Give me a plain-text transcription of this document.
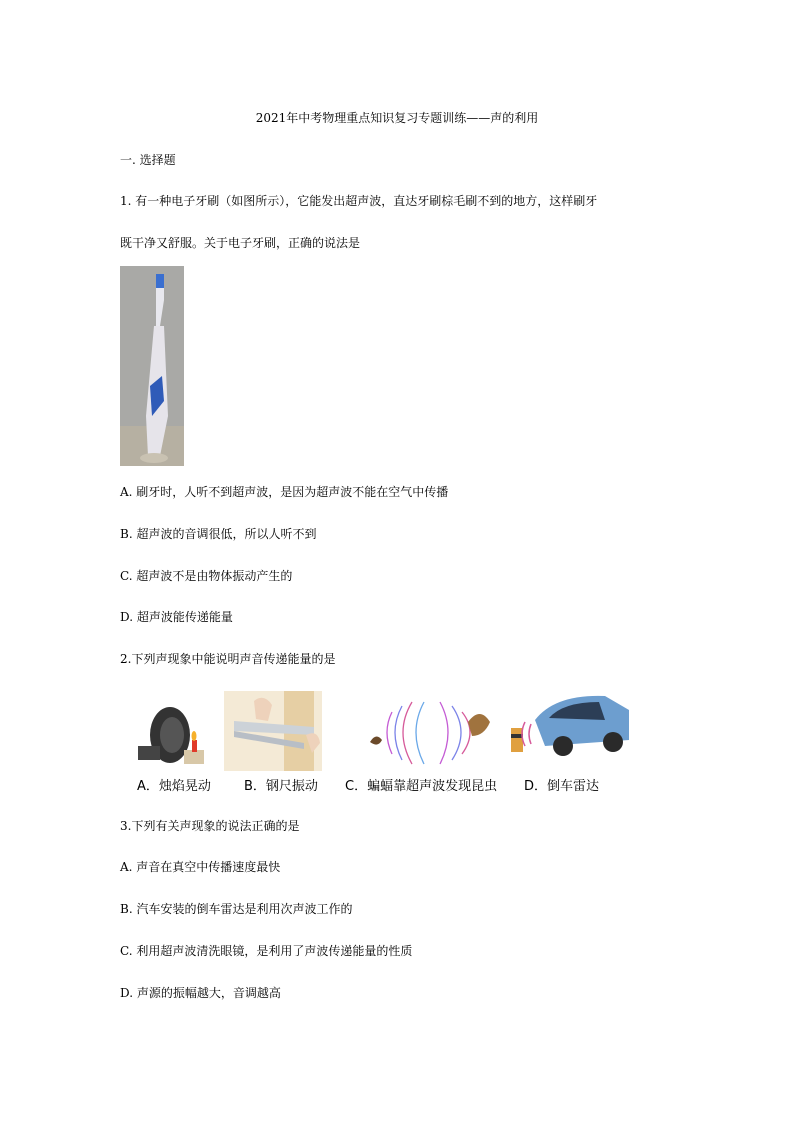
2021年中考物理重点知识复习专题训练——声的利用
一. 选择题
1. 有一种电子牙刷（如图所示），它能发出超声波，直达牙刷棕毛刷不到的地方，这样刷牙
既干净又舒服。关于电子牙刷，正确的说法是
A. 刷牙时，人听不到超声波，是因为超声波不能在空气中传播
B. 超声波的音调很低，所以人听不到
C. 超声波不是由物体振动产生的
D. 超声波能传递能量
2.下列声现象中能说明声音传递能量的是
A．烛焰晃动	B．钢尺振动 C．蝙蝠靠超声波发现昆虫 D．倒车雷达
3.下列有关声现象的说法正确的是
A. 声音在真空中传播速度最快
B. 汽车安装的倒车雷达是利用次声波工作的
C. 利用超声波清洗眼镜，是利用了声波传递能量的性质
D. 声源的振幅越大，音调越高
